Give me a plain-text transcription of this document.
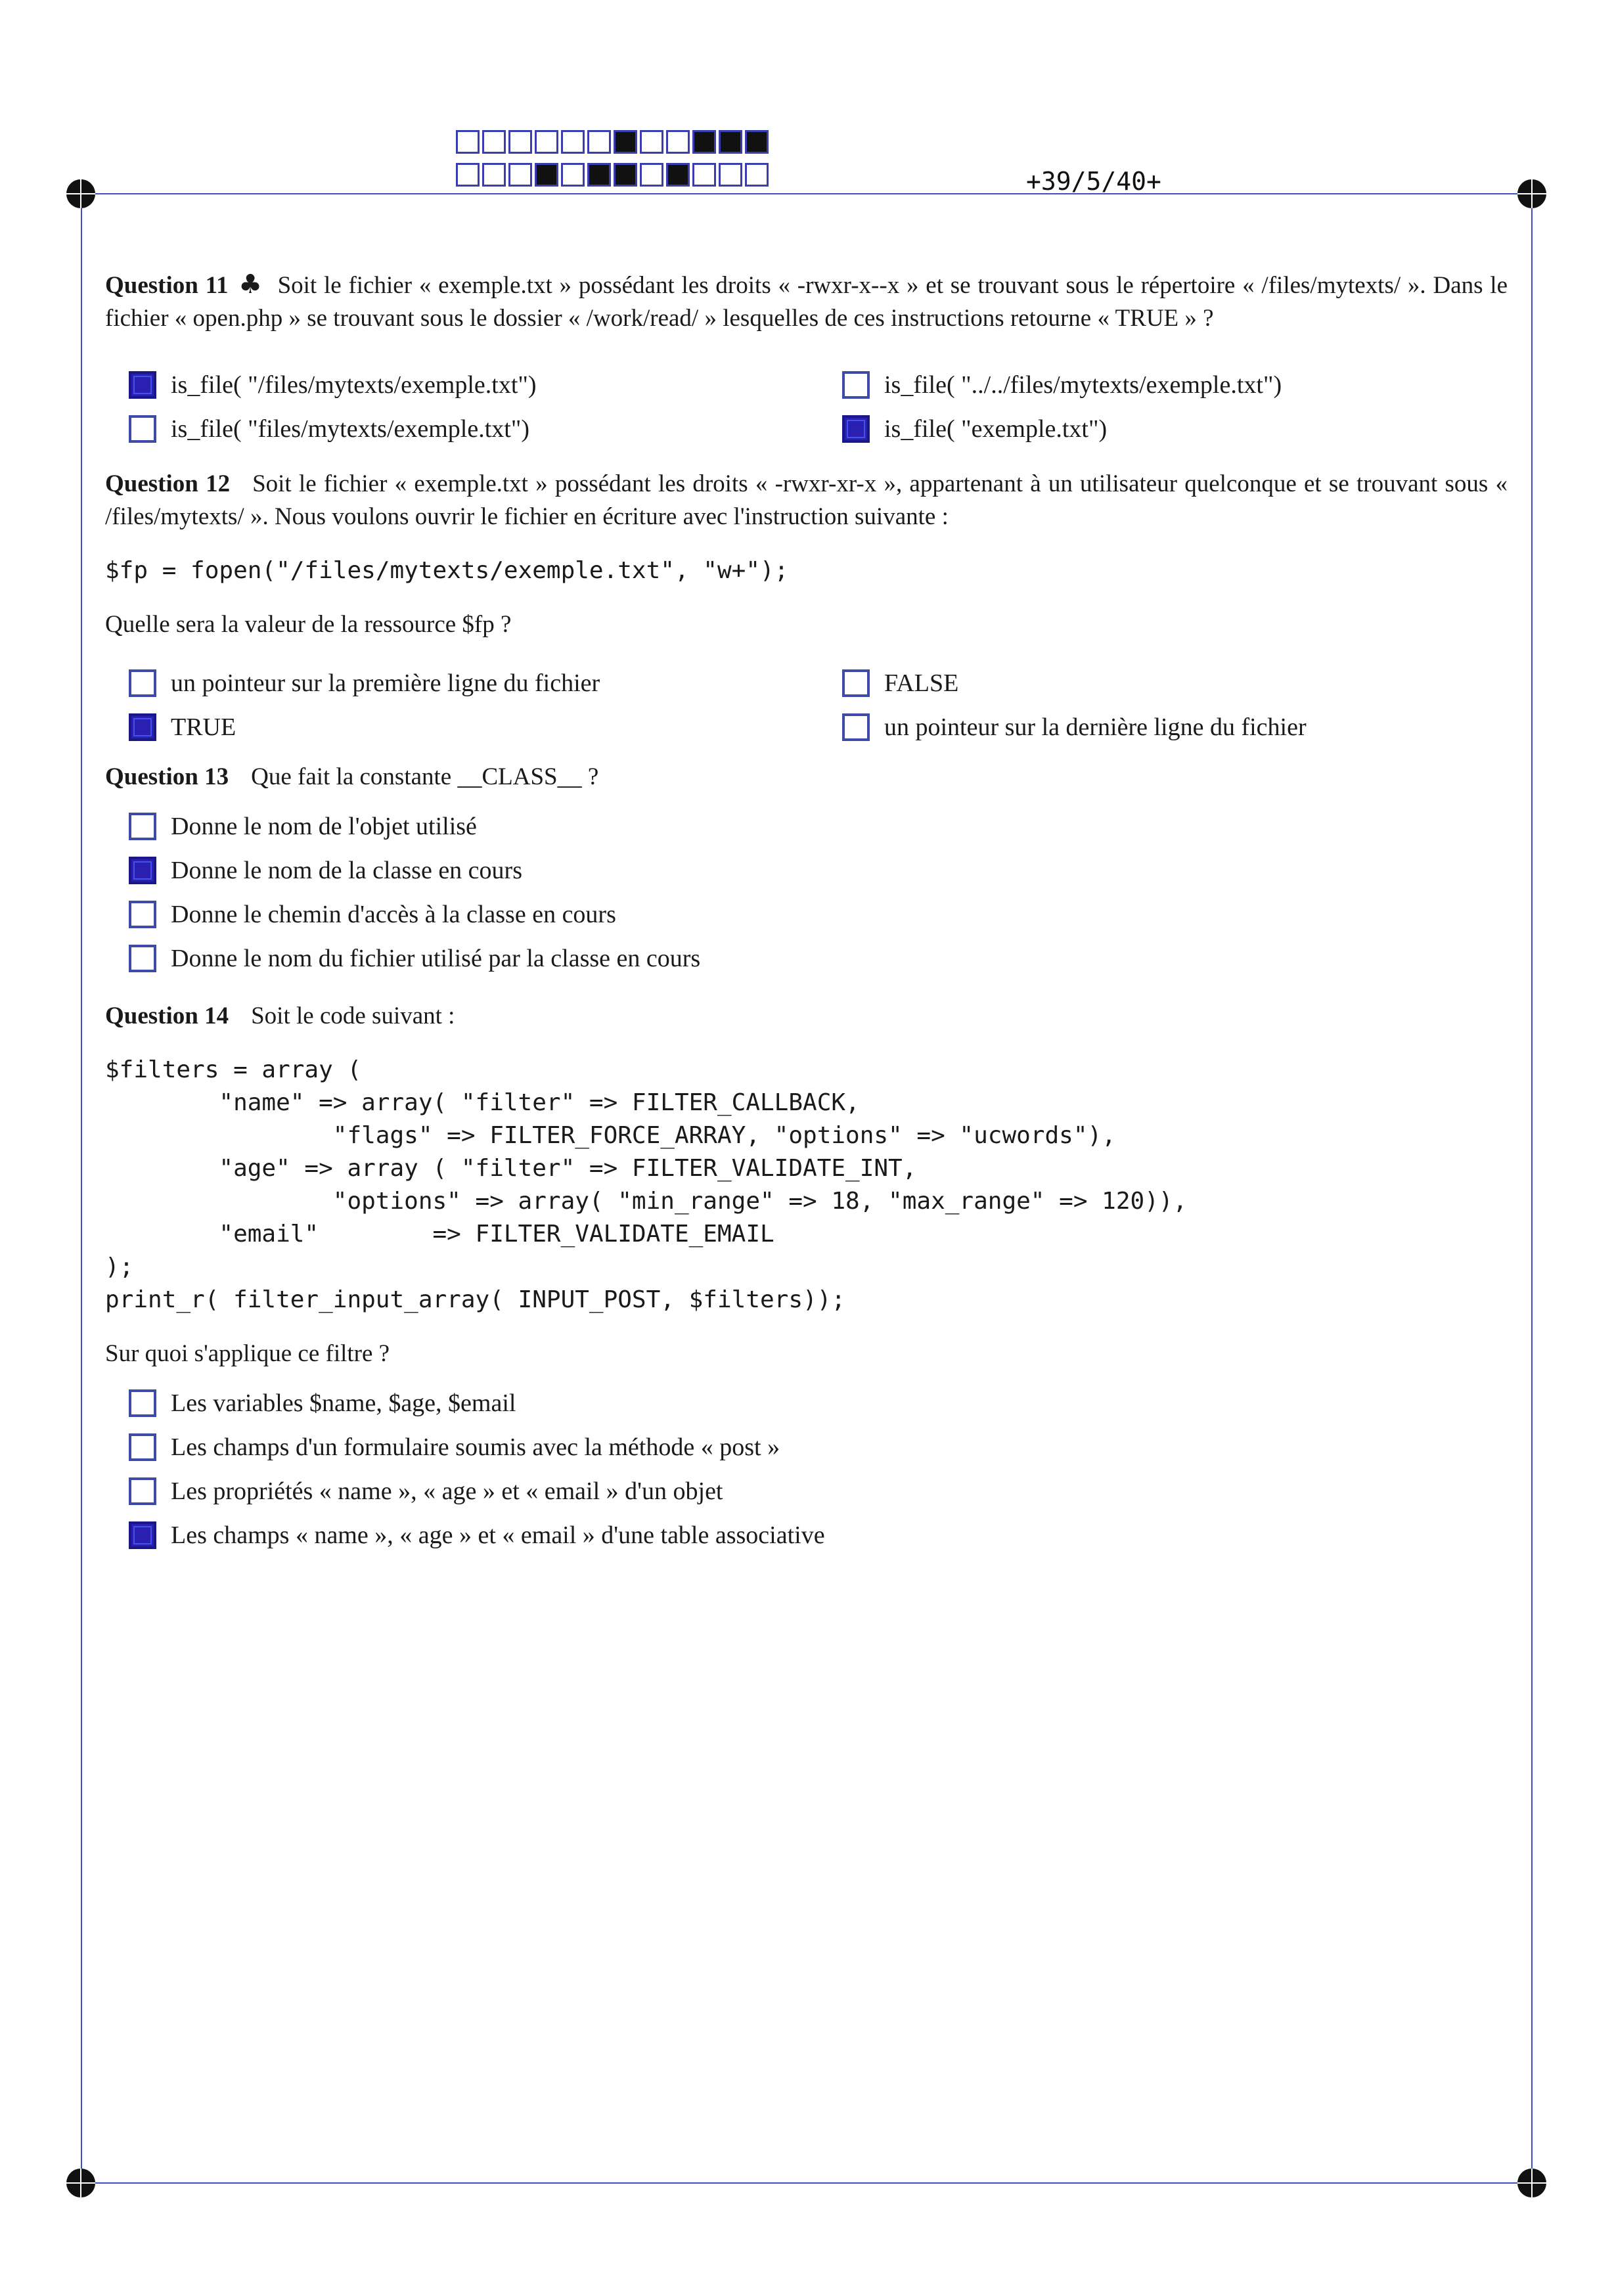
+39/5/40+

Question 11 ♣ Soit le fichier « exemple.txt » possédant les droits « -rwxr-x--x » et se trouvant sous le répertoire « /files/mytexts/ ». Dans le fichier « open.php » se trouvant sous le dossier « /work/read/ » lesquelles de ces instructions retourne « TRUE » ?

is_file( "/files/mytexts/exemple.txt")	is_file( "../../files/mytexts/exemple.txt")
is_file( "files/mytexts/exemple.txt")	is_file( "exemple.txt")

Question 12 Soit le fichier « exemple.txt » possédant les droits « -rwxr-xr-x », appartenant à un utilisateur quelconque et se trouvant sous « /files/mytexts/ ». Nous voulons ouvrir le fichier en écriture avec l'instruction suivante :

$fp = fopen("/files/mytexts/exemple.txt", "w+");

Quelle sera la valeur de la ressource $fp ?

un pointeur sur la première ligne du fichier	FALSE
TRUE	un pointeur sur la dernière ligne du fichier

Question 13 Que fait la constante __CLASS__ ?

Donne le nom de l'objet utilisé
Donne le nom de la classe en cours
Donne le chemin d'accès à la classe en cours
Donne le nom du fichier utilisé par la classe en cours

Question 14 Soit le code suivant :

$filters = array (
"name" => array( "filter" => FILTER_CALLBACK,
"flags" => FILTER_FORCE_ARRAY, "options" => "ucwords"),
"age" => array ( "filter" => FILTER_VALIDATE_INT,
"options" => array( "min_range" => 18, "max_range" => 120)),
"email"        => FILTER_VALIDATE_EMAIL
);
print_r( filter_input_array( INPUT_POST, $filters));

Sur quoi s'applique ce filtre ?

Les variables $name, $age, $email
Les champs d'un formulaire soumis avec la méthode « post »
Les propriétés « name », « age » et « email » d'un objet
Les champs « name », « age » et « email » d'une table associative
